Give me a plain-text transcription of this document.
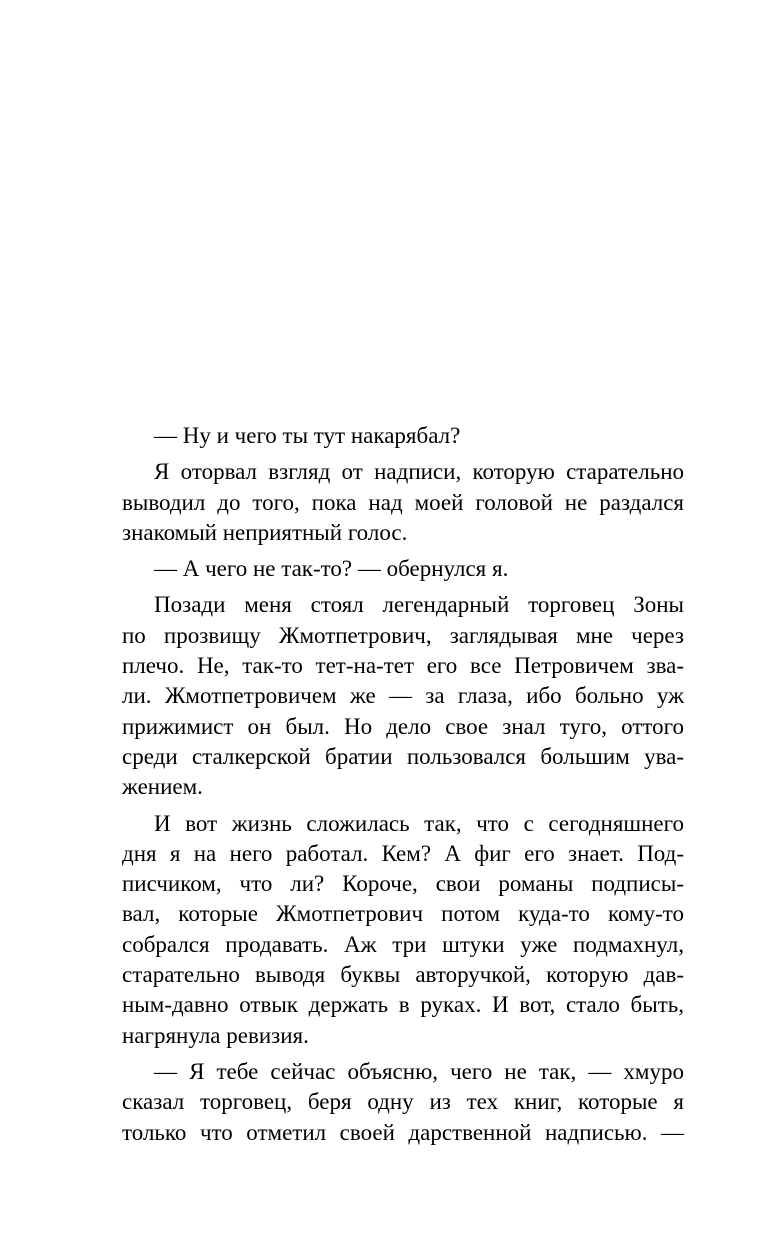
— Ну и чего ты тут накарябал?
Я оторвал взгляд от надписи, которую старательно
выводил до того, пока над моей головой не раздался
знакомый неприятный голос.
— А чего не так-то? — обернулся я.
Позади меня стоял легендарный торговец Зоны
по прозвищу Жмотпетрович, заглядывая мне через
плечо. Не, так-то тет-на-тет его все Петровичем зва-
ли. Жмотпетровичем же — за глаза, ибо больно уж
прижимист он был. Но дело свое знал туго, оттого
среди сталкерской братии пользовался большим ува-
жением.
И вот жизнь сложилась так, что с сегодняшнего
дня я на него работал. Кем? А фиг его знает. Под-
писчиком, что ли? Короче, свои романы подписы-
вал, которые Жмотпетрович потом куда-то кому-то
собрался продавать. Аж три штуки уже подмахнул,
старательно выводя буквы авторучкой, которую дав-
ным-давно отвык держать в руках. И вот, стало быть,
нагрянула ревизия.
— Я тебе сейчас объясню, чего не так, — хмуро
сказал торговец, беря одну из тех книг, которые я
только что отметил своей дарственной надписью. —
